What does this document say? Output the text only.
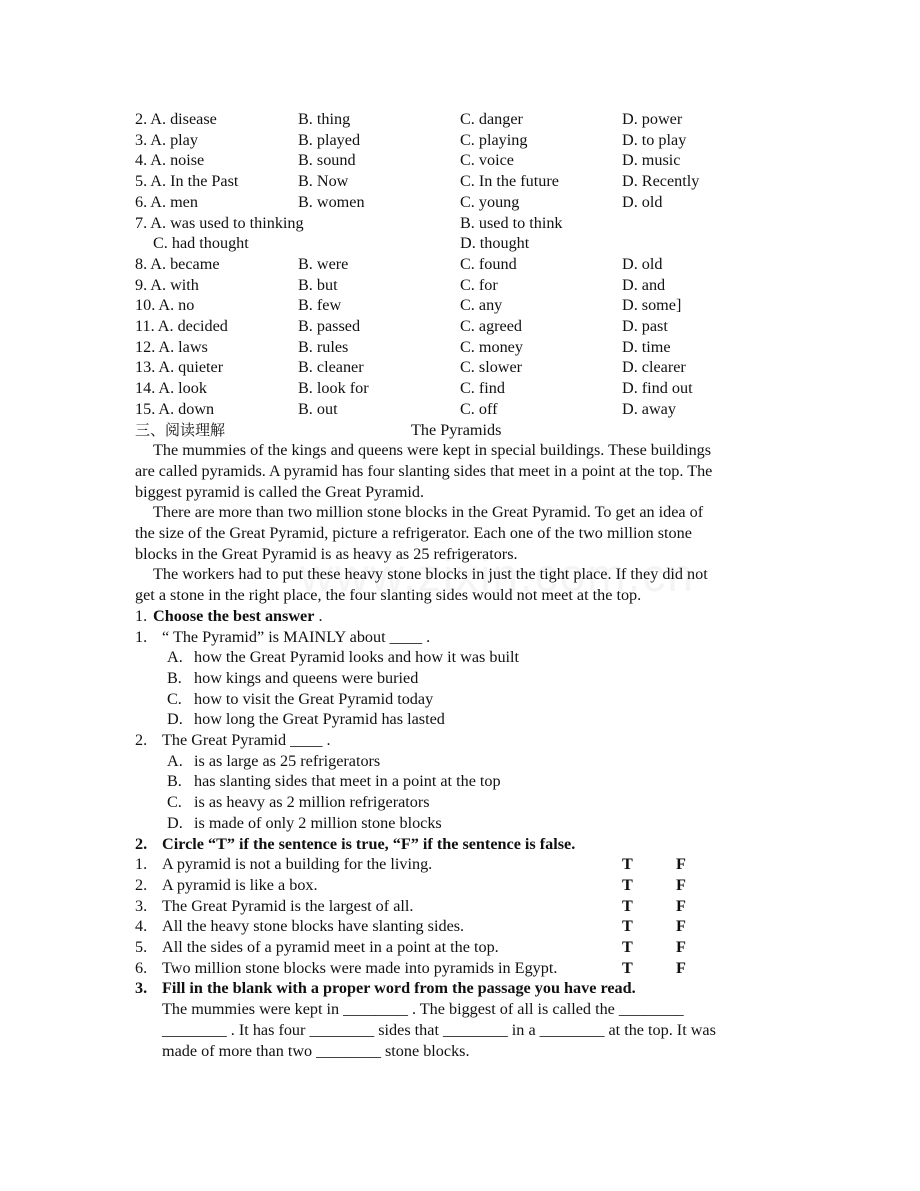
2. A. disease	B. thing	C. danger	D. power
3. A. play	B. played	C. playing	D. to play
4. A. noise	B. sound	C. voice	D. music
5. A. In the Past	B. Now	C. In the future	D. Recently
6. A. men	B. women	C. young	D. old
7. A. was used to thinking	B. used to think
C. had thought	D. thought
8. A. became	B. were	C. found	D. old
9. A. with	B. but	C. for	D. and
10. A. no	B. few	C. any	D. some]
11. A. decided	B. passed	C. agreed	D. past
12. A. laws	B. rules	C. money	D. time
13. A. quieter	B. cleaner	C. slower	D. clearer
14. A. look	B. look for	C. find	D. find out
15. A. down	B. out	C. off	D. away
三、阅读理解	The Pyramids
The mummies of the kings and queens were kept in special buildings. These buildings
are called pyramids. A pyramid has four slanting sides that meet in a point at the top. The
biggest pyramid is called the Great Pyramid.
There are more than two million stone blocks in the Great Pyramid. To get an idea of
the size of the Great Pyramid, picture a refrigerator. Each one of the two million stone
blocks in the Great Pyramid is as heavy as 25 refrigerators.
The workers had to put these heavy stone blocks in just the tight place. If they did not
get a stone in the right place, the four slanting sides would not meet at the top.
1. Choose the best answer .
1. “ The Pyramid” is MAINLY about ____ .
A. how the Great Pyramid looks and how it was built
B. how kings and queens were buried
C. how to visit the Great Pyramid today
D. how long the Great Pyramid has lasted
2. The Great Pyramid ____ .
A. is as large as 25 refrigerators
B. has slanting sides that meet in a point at the top
C. is as heavy as 2 million refrigerators
D. is made of only 2 million stone blocks
2. Circle “T” if the sentence is true, “F” if the sentence is false.
1. A pyramid is not a building for the living.	T	F
2. A pyramid is like a box.	T	F
3. The Great Pyramid is the largest of all.	T	F
4. All the heavy stone blocks have slanting sides.	T	F
5. All the sides of a pyramid meet in a point at the top.	T	F
6. Two million stone blocks were made into pyramids in Egypt.	T	F
3. Fill in the blank with a proper word from the passage you have read.
The mummies were kept in ________ . The biggest of all is called the ________
________ . It has four ________ sides that ________ in a ________ at the top. It was
made of more than two ________ stone blocks.
